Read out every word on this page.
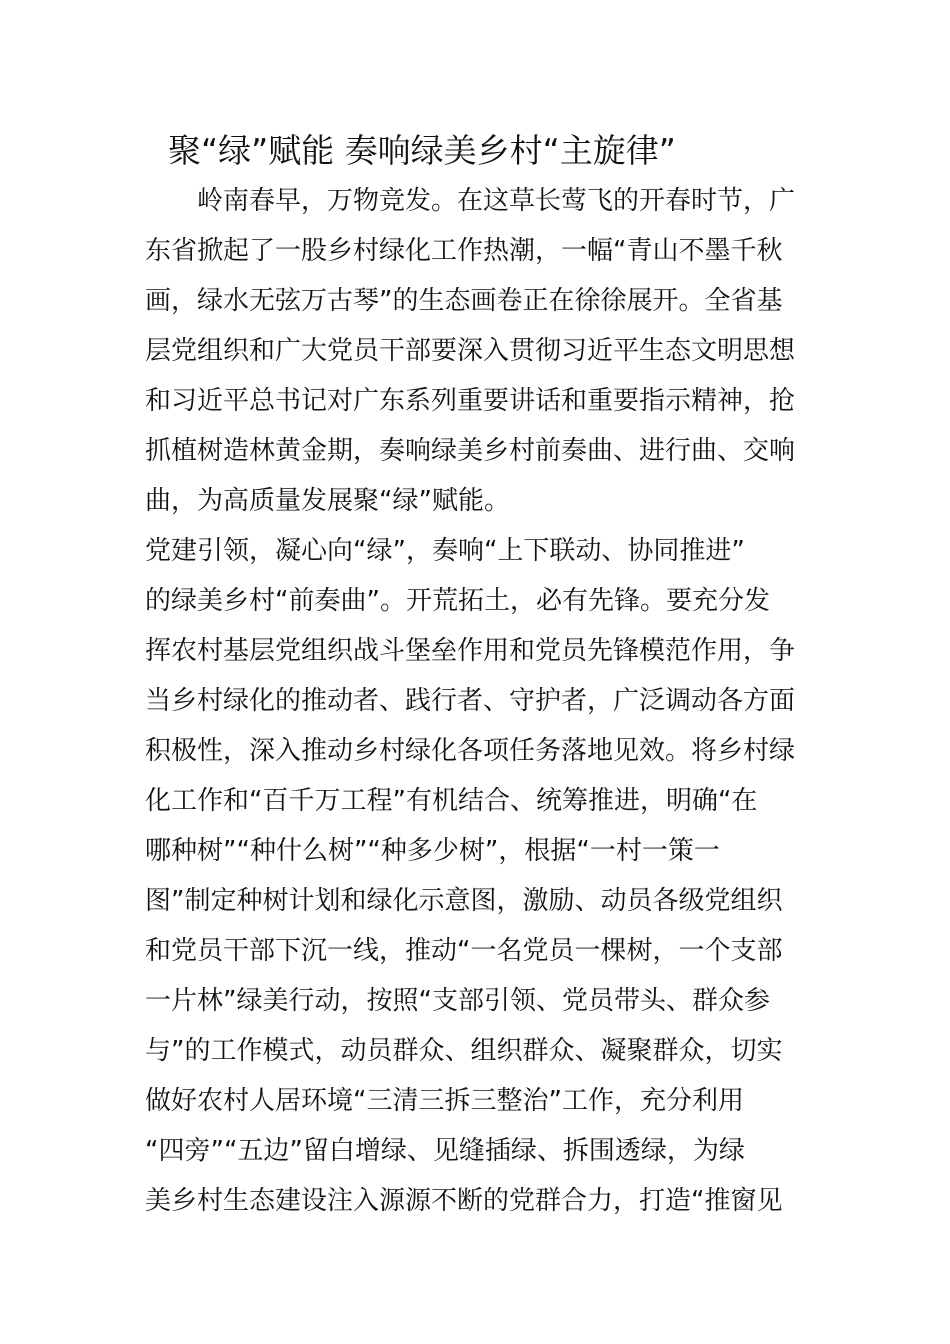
聚“绿”赋能 奏响绿美乡村“主旋律”

　　岭南春早，万物竞发。在这草长莺飞的开春时节，广

东省掀起了一股乡村绿化工作热潮，一幅“青山不墨千秋

画，绿水无弦万古琴”的生态画卷正在徐徐展开。全省基

层党组织和广大党员干部要深入贯彻习近平生态文明思想

和习近平总书记对广东系列重要讲话和重要指示精神，抢

抓植树造林黄金期，奏响绿美乡村前奏曲、进行曲、交响

曲，为高质量发展聚“绿”赋能。

党建引领，凝心向“绿”，奏响“上下联动、协同推进”

的绿美乡村“前奏曲”。开荒拓土，必有先锋。要充分发

挥农村基层党组织战斗堡垒作用和党员先锋模范作用，争

当乡村绿化的推动者、践行者、守护者，广泛调动各方面

积极性，深入推动乡村绿化各项任务落地见效。将乡村绿

化工作和“百千万工程”有机结合、统筹推进，明确“在

哪种树”“种什么树”“种多少树”，根据“一村一策一

图”制定种树计划和绿化示意图，激励、动员各级党组织

和党员干部下沉一线，推动“一名党员一棵树，一个支部

一片林”绿美行动，按照“支部引领、党员带头、群众参

与”的工作模式，动员群众、组织群众、凝聚群众，切实

做好农村人居环境“三清三拆三整治”工作，充分利用

“四旁”“五边”留白增绿、见缝插绿、拆围透绿，为绿

美乡村生态建设注入源源不断的党群合力，打造“推窗见
